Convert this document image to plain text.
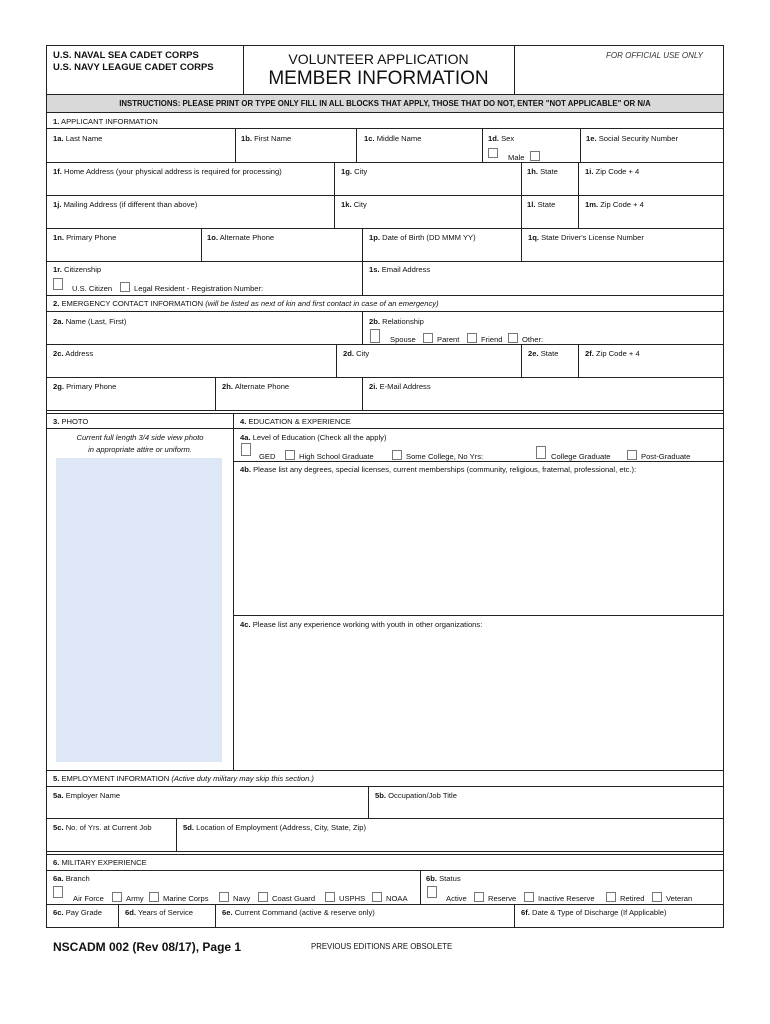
U.S. NAVAL SEA CADET CORPS
U.S. NAVY LEAGUE CADET CORPS
VOLUNTEER APPLICATION
MEMBER INFORMATION
FOR OFFICIAL USE ONLY
INSTRUCTIONS: PLEASE PRINT OR TYPE ONLY FILL IN ALL BLOCKS THAT APPLY, THOSE THAT DO NOT, ENTER "NOT APPLICABLE" OR N/A
1. APPLICANT INFORMATION
1a. Last Name	1b. First Name	1c. Middle Name	1d. Sex
Male
1e. Social Security Number
1f. Home Address (your physical address is required for processing)	1g. City	1h. State	1i. Zip Code + 4
1j. Mailing Address (if different than above)	1k. City	1l. State	1m. Zip Code + 4
1n. Primary Phone	1o. Alternate Phone	1p. Date of Birth (DD MMM YY)	1q. State Driver's License Number
1r. Citizenship
U.S. Citizen	Legal Resident - Registration Number:
1s. Email Address
2. EMERGENCY CONTACT INFORMATION (will be listed as next of kin and first contact in case of an emergency)
2a. Name (Last, First)	2b. Relationship
Spouse	Parent	Friend	Other:
2c. Address	2d. City	2e. State	2f. Zip Code + 4
2g. Primary Phone	2h. Alternate Phone	2i. E-Mail Address
3. PHOTO	4. EDUCATION & EXPERIENCE
Current full length 3/4 side view photo
in appropriate attire or uniform.
4a. Level of Education (Check all the apply)
GED	High School Graduate	Some College, No Yrs:	College Graduate	Post-Graduate
4b. Please list any degrees, special licenses, current memberships (community, religious, fraternal, professional, etc.):
4c. Please list any experience working with youth in other organizations:
5. EMPLOYMENT INFORMATION (Active duty military may skip this section.)
5a. Employer Name	5b. Occupation/Job Title
5c. No. of Yrs. at Current Job	5d. Location of Employment (Address, City, State, Zip)
6. MILITARY EXPERIENCE
6a. Branch
Air Force	Army	Marine Corps	Navy	Coast Guard	USPHS	NOAA
6b. Status
Active	Reserve	Inactive Reserve	Retired	Veteran
6c. Pay Grade	6d. Years of Service	6e. Current Command (active & reserve only)	6f. Date & Type of Discharge (If Applicable)
NSCADM 002 (Rev 08/17), Page 1	PREVIOUS EDITIONS ARE OBSOLETE
